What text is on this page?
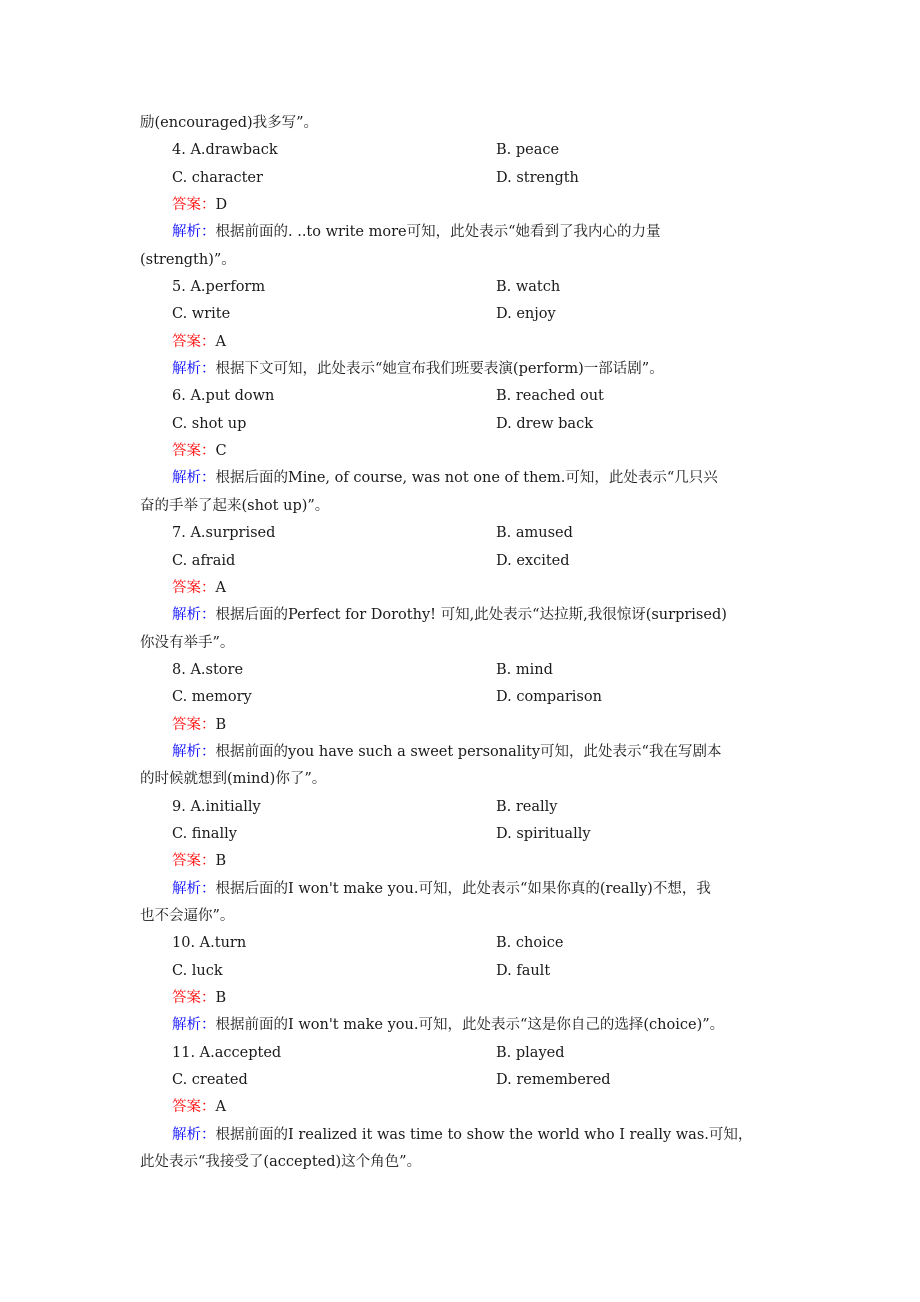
励(encouraged)我多写”。
4. A.drawback	B. peace
C. character	D. strength
答案：D
解析：根据前面的. ..to write more可知，此处表示“她看到了我内心的力量
(strength)”。
5. A.perform	B. watch
C. write	D. enjoy
答案：A
解析：根据下文可知，此处表示“她宣布我们班要表演(perform)一部话剧”。
6. A.put down	B. reached out
C. shot up	D. drew back
答案：C
解析：根据后面的Mine, of course, was not one of them.可知，此处表示“几只兴
奋的手举了起来(shot up)”。
7. A.surprised	B. amused
C. afraid	D. excited
答案：A
解析：根据后面的Perfect for Dorothy! 可知,此处表示“达拉斯,我很惊讶(surprised)
你没有举手”。
8. A.store	B. mind
C. memory	D. comparison
答案：B
解析：根据前面的you have such a sweet personality可知，此处表示“我在写剧本
的时候就想到(mind)你了”。
9. A.initially	B. really
C. finally	D. spiritually
答案：B
解析：根据后面的I won't make you.可知，此处表示“如果你真的(really)不想，我
也不会逼你”。
10. A.turn	B. choice
C. luck	D. fault
答案：B
解析：根据前面的I won't make you.可知，此处表示“这是你自己的选择(choice)”。
11. A.accepted	B. played
C. created	D. remembered
答案：A
解析：根据前面的I realized it was time to show the world who I really was.可知，
此处表示“我接受了(accepted)这个角色”。
